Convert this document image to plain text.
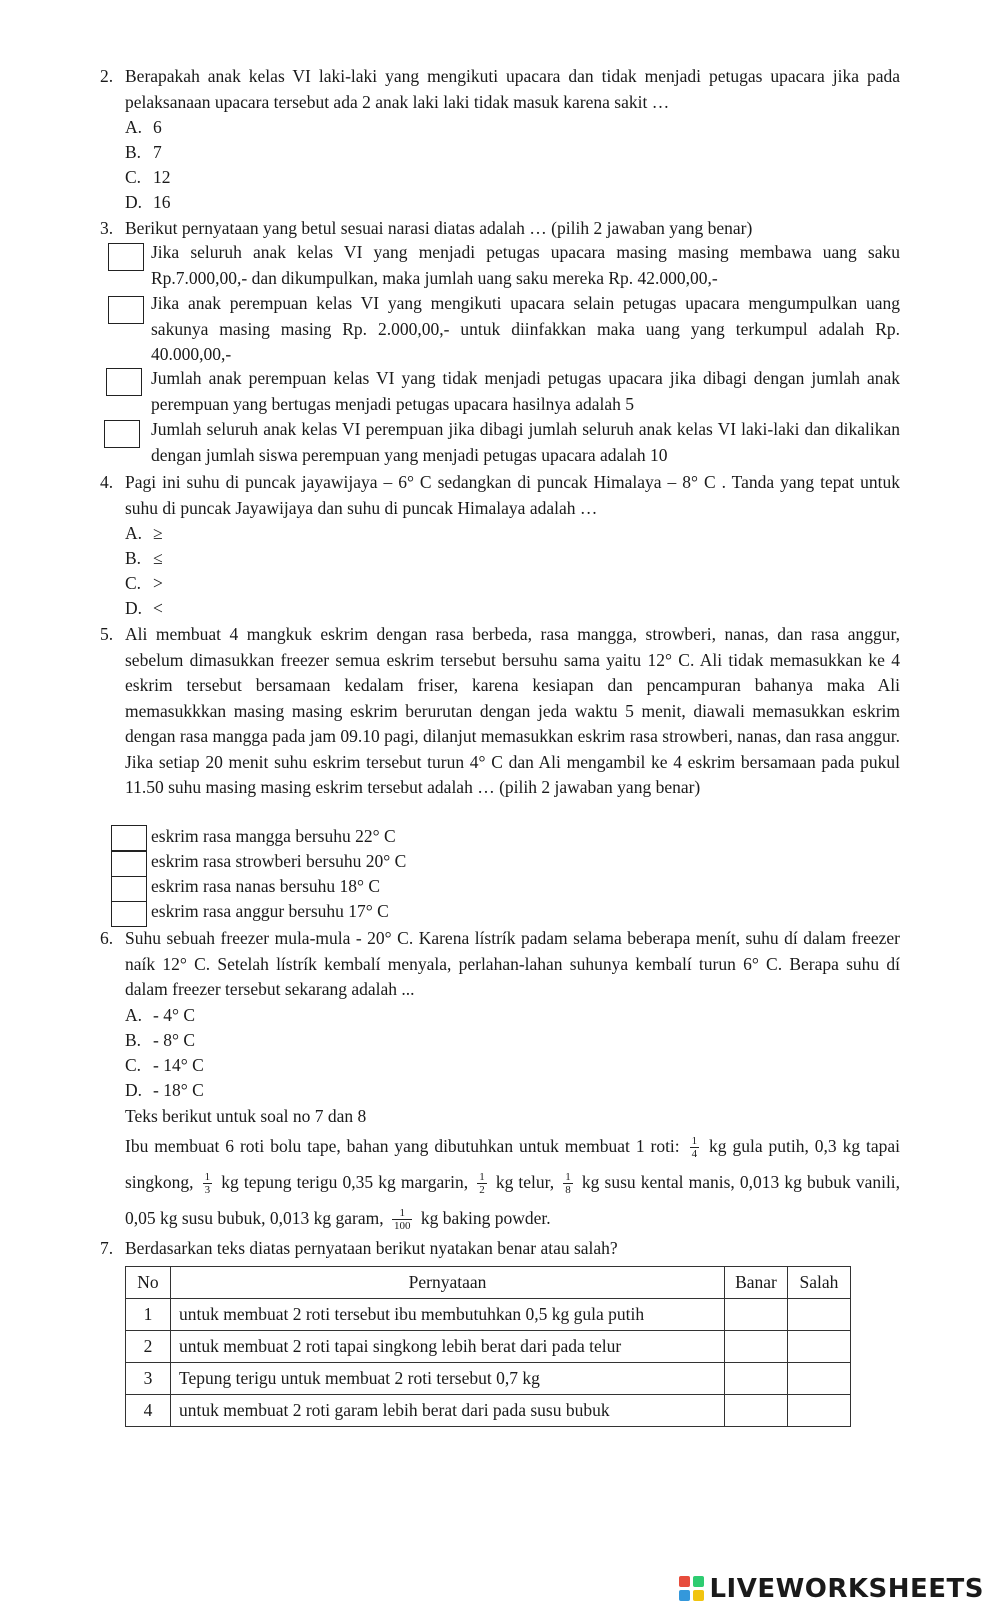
2. Berapakah anak kelas VI laki-laki yang mengikuti upacara dan tidak menjadi petugas upacara jika pada pelaksanaan upacara tersebut ada 2 anak laki laki tidak masuk karena sakit …
A. 6
B. 7
C. 12
D. 16
3. Berikut pernyataan yang betul sesuai narasi diatas adalah … (pilih 2 jawaban yang benar)
Jika seluruh anak kelas VI yang menjadi petugas upacara masing masing membawa uang saku Rp.7.000,00,- dan dikumpulkan, maka jumlah uang saku mereka Rp. 42.000,00,-
Jika anak perempuan kelas VI yang mengikuti upacara selain petugas upacara mengumpulkan uang sakunya masing masing Rp. 2.000,00,- untuk diinfakkan maka uang yang terkumpul adalah Rp. 40.000,00,-
Jumlah anak perempuan kelas VI yang tidak menjadi petugas upacara jika dibagi dengan jumlah anak perempuan yang bertugas menjadi petugas upacara hasilnya adalah 5
Jumlah seluruh anak kelas VI perempuan jika dibagi jumlah seluruh anak kelas VI laki-laki dan dikalikan dengan jumlah siswa perempuan yang menjadi petugas upacara adalah 10
4. Pagi ini suhu di puncak jayawijaya – 6° C sedangkan di puncak Himalaya – 8° C . Tanda yang tepat untuk suhu di puncak Jayawijaya dan suhu di puncak Himalaya adalah …
A. ≥
B. ≤
C. >
D. <
5. Ali membuat 4 mangkuk eskrim dengan rasa berbeda, rasa mangga, strowberi, nanas, dan rasa anggur, sebelum dimasukkan freezer semua eskrim tersebut bersuhu sama yaitu 12° C. Ali tidak memasukkan ke 4 eskrim tersebut bersamaan kedalam friser, karena kesiapan dan pencampuran bahanya maka Ali memasukkkan masing masing eskrim berurutan dengan jeda waktu 5 menit, diawali memasukkan eskrim dengan rasa mangga pada jam 09.10 pagi, dilanjut memasukkan eskrim rasa strowberi, nanas, dan rasa anggur. Jika setiap 20 menit suhu eskrim tersebut turun 4° C dan Ali mengambil ke 4 eskrim bersamaan pada pukul 11.50 suhu masing masing eskrim tersebut adalah … (pilih 2 jawaban yang benar)
eskrim rasa mangga bersuhu 22° C
eskrim rasa strowberi bersuhu 20° C
eskrim rasa nanas bersuhu 18° C
eskrim rasa anggur bersuhu 17° C
6. Suhu sebuah freezer mula-mula - 20° C. Karena lístrík padam selama beberapa menít, suhu dí dalam freezer naík 12° C. Setelah lístrík kembalí menyala, perlahan-lahan suhunya kembalí turun 6° C. Berapa suhu dí dalam freezer tersebut sekarang adalah ...
A. - 4° C
B. - 8° C
C. - 14° C
D. - 18° C
Teks berikut untuk soal no 7 dan 8
Ibu membuat 6 roti bolu tape, bahan yang dibutuhkan untuk membuat 1 roti: $\frac{1}{4}$ kg gula putih, 0,3 kg tapai singkong, $\frac{1}{3}$ kg tepung terigu 0,35 kg margarin, $\frac{1}{2}$ kg telur, $\frac{1}{8}$ kg susu kental manis, 0,013 kg bubuk vanili, 0,05 kg susu bubuk, 0,013 kg garam, $\frac{1}{100}$ kg baking powder.
7. Berdasarkan teks diatas pernyataan berikut nyatakan benar atau salah?
No	Pernyataan	Banar	Salah
1	untuk membuat 2 roti tersebut ibu membutuhkan 0,5 kg gula putih		
2	untuk membuat 2 roti tapai singkong lebih berat dari pada telur		
3	Tepung terigu untuk membuat 2 roti tersebut 0,7 kg		
4	untuk membuat 2 roti garam lebih berat dari pada susu bubuk		
LIVEWORKSHEETS
